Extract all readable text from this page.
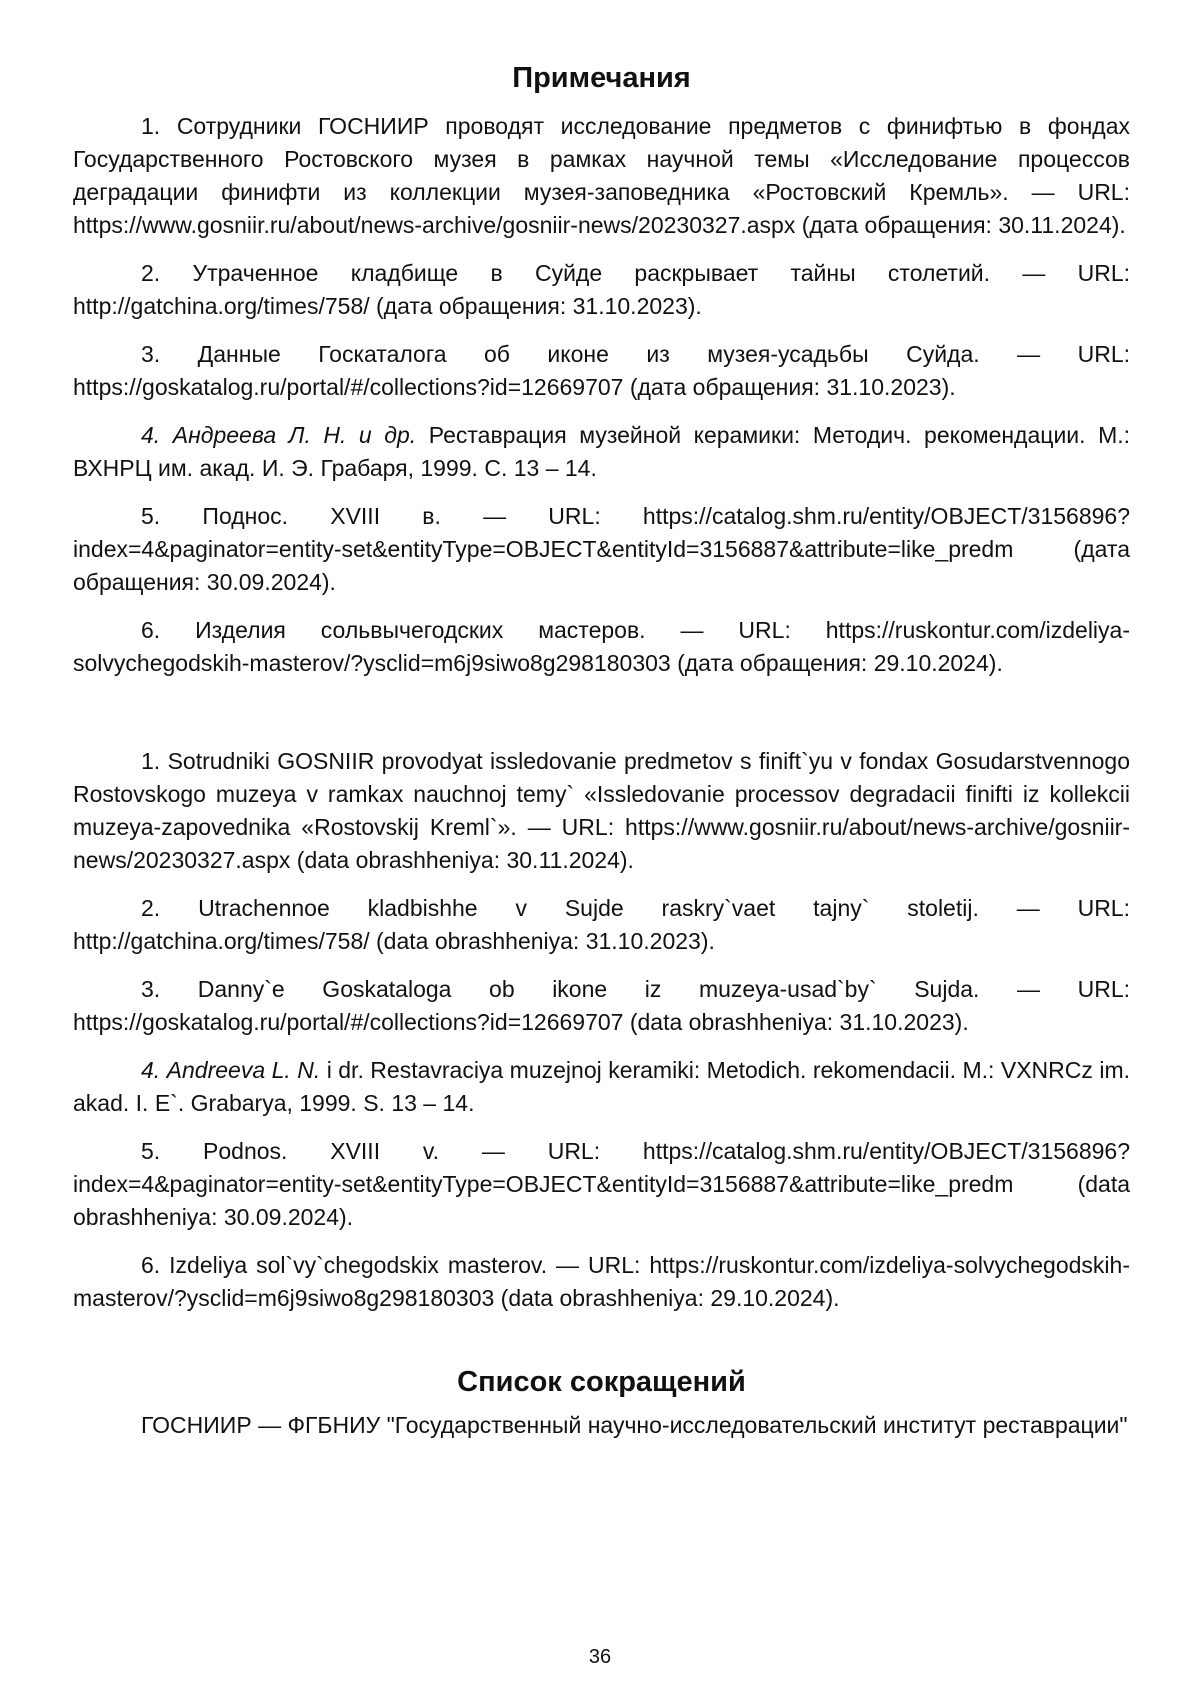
Примечания

1. Сотрудники ГОСНИИР проводят исследование предметов с финифтью в фондах Государственного Ростовского музея в рамках научной темы «Исследование процессов деградации финифти из коллекции музея-заповедника «Ростовский Кремль». — URL: https://www.gosniir.ru/about/news-archive/gosniir-news/20230327.aspx (дата обращения: 30.11.2024).

2. Утраченное кладбище в Суйде раскрывает тайны столетий. — URL: http://gatchina.org/times/758/ (дата обращения: 31.10.2023).

3. Данные Госкаталога об иконе из музея-усадьбы Суйда. — URL: https://goskatalog.ru/portal/#/collections?id=12669707 (дата обращения: 31.10.2023).

4. Андреева Л. Н. и др. Реставрация музейной керамики: Методич. рекомендации. М.: ВХНРЦ им. акад. И. Э. Грабаря, 1999. С. 13 – 14.

5. Поднос. XVIII в. — URL: https://catalog.shm.ru/entity/OBJECT/3156896?index=4&paginator=entity-set&entityType=OBJECT&entityId=3156887&attribute=like_predm (дата обращения: 30.09.2024).

6. Изделия сольвычегодских мастеров. — URL: https://ruskontur.com/izdeliya-solvychegodskih-masterov/?ysclid=m6j9siwo8g298180303 (дата обращения: 29.10.2024).

1. Sotrudniki GOSNIIR provodyat issledovanie predmetov s finift`yu v fondax Gosudarstvennogo Rostovskogo muzeya v ramkax nauchnoj temy` «Issledovanie processov degradacii finifti iz kollekcii muzeya-zapovednika «Rostovskij Kreml`». — URL: https://www.gosniir.ru/about/news-archive/gosniir-news/20230327.aspx (data obrashheniya: 30.11.2024).

2. Utrachennoe kladbishhe v Sujde raskry`vaet tajny` stoletij. — URL: http://gatchina.org/times/758/ (data obrashheniya: 31.10.2023).

3. Danny`e Goskataloga ob ikone iz muzeya-usad`by` Sujda. — URL: https://goskatalog.ru/portal/#/collections?id=12669707 (data obrashheniya: 31.10.2023).

4. Andreeva L. N. i dr. Restavraciya muzejnoj keramiki: Metodich. rekomendacii. M.: VXNRCz im. akad. I. E`. Grabarya, 1999. S. 13 – 14.

5. Podnos. XVIII v. — URL: https://catalog.shm.ru/entity/OBJECT/3156896?index=4&paginator=entity-set&entityType=OBJECT&entityId=3156887&attribute=like_predm (data obrashheniya: 30.09.2024).

6. Izdeliya sol`vy`chegodskix masterov. — URL: https://ruskontur.com/izdeliya-solvychegodskih-masterov/?ysclid=m6j9siwo8g298180303 (data obrashheniya: 29.10.2024).

Список сокращений

ГОСНИИР — ФГБНИУ "Государственный научно-исследовательский институт реставрации"

36
